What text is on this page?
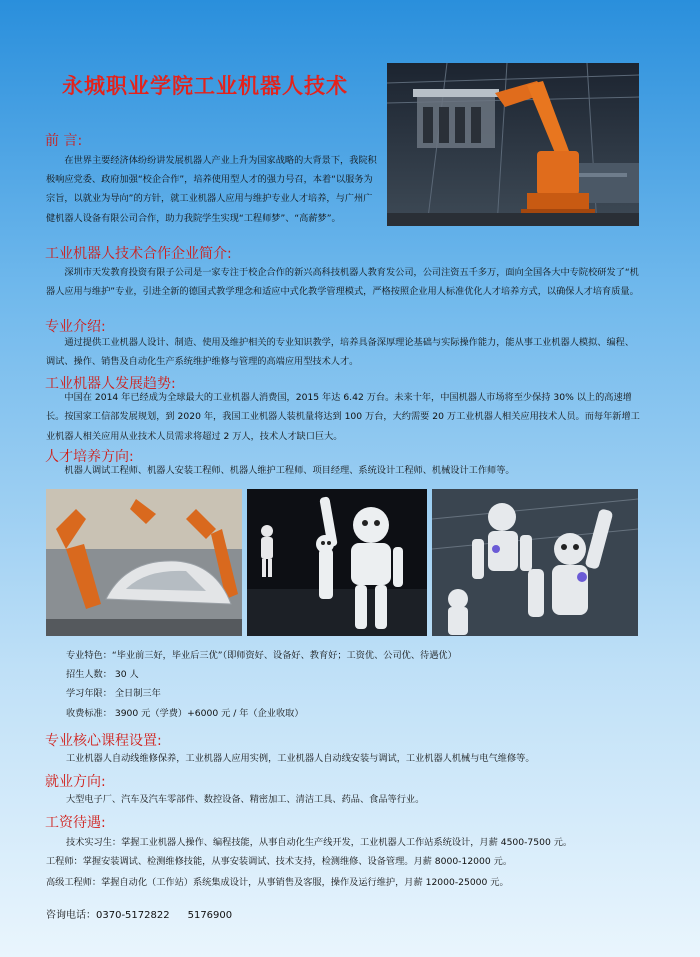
永城职业学院工业机器人技术
前 言:
在世界主要经济体纷纷讲发展机器人产业上升为国家战略的大背景下，我院积极响应党委、政府加强“校企合作”，培养使用型人才的强力号召，本着“以服务为宗旨，以就业为导向”的方针，就工业机器人应用与维护专业人才培养，与广州广健机器人设备有限公司合作，助力我院学生实现“工程师梦”、“高薪梦”。
工业机器人技术合作企业简介:
深圳市天发教育投资有限子公司是一家专注于校企合作的新兴高科技机器人教育发公司，公司注资五千多万，面向全国各大中专院校研发了“机器人应用与维护”专业，引进全新的德国式教学理念和适应中式化教学管理模式，严格按照企业用人标准优化人才培养方式，以确保人才培育质量。
专业介绍:
通过提供工业机器人设计、制造、使用及维护相关的专业知识教学，培养具备深厚理论基础与实际操作能力，能从事工业机器人模拟、编程、调试、操作、销售及自动化生产系统维护维修与管理的高端应用型技术人才。
工业机器人发展趋势:
中国在 2014 年已经成为全球最大的工业机器人消费国，2015 年达 6.42 万台。未来十年，中国机器人市场将至少保持 30% 以上的高速增长。按国家工信部发展规划，到 2020 年，我国工业机器人装机量将达到 100 万台，大约需要 20 万工业机器人相关应用技术人员。而每年新增工业机器人相关应用从业技术人员需求将超过 2 万人，技术人才缺口巨大。
人才培养方向:
机器人调试工程师、机器人安装工程师、机器人维护工程师、项目经理、系统设计工程师、机械设计工作师等。
专业特色：“毕业前三好，毕业后三优”（即师资好、设备好、教育好；工资优、公司优、待遇优）
招生人数： 30 人
学习年限： 全日制三年
收费标准： 3900 元（学费）+6000 元 / 年（企业收取）
专业核心课程设置:
工业机器人自动线维修保养，工业机器人应用实例，工业机器人自动线安装与调试，工业机器人机械与电气维修等。
就业方向:
大型电子厂、汽车及汽车零部件、数控设备、精密加工、清洁工具、药品、食品等行业。
工资待遇:
技术实习生：掌握工业机器人操作、编程技能，从事自动化生产线开发，工业机器人工作站系统设计，月薪 4500-7500 元。
工程师：掌握安装调试、检测维修技能，从事安装调试、技术支持，检测维修、设备管理。月薪 8000-12000 元。
高级工程师：掌握自动化（工作站）系统集成设计，从事销售及客服，操作及运行维护，月薪 12000-25000 元。
咨询电话：0370-5172822 5176900
